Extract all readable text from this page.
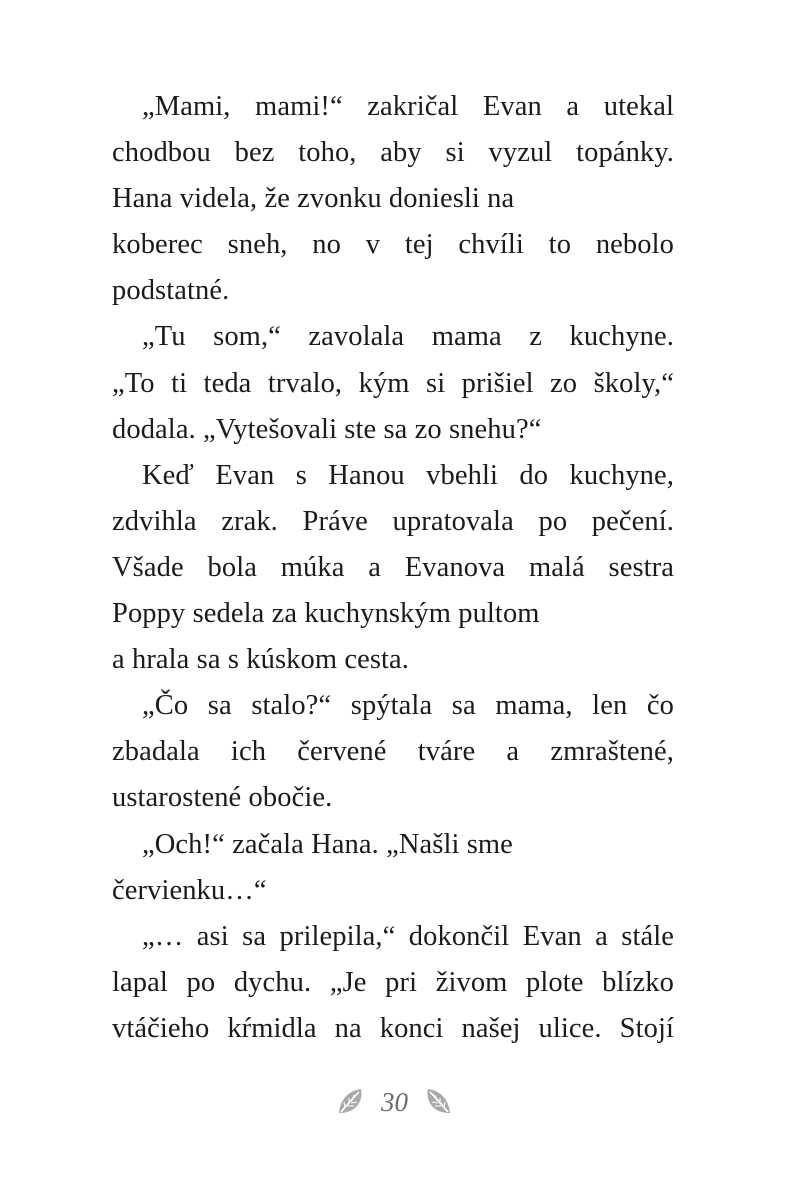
„Mami, mami!“ zakričal Evan a utekal
chodbou bez toho, aby si vyzul topánky.
Hana videla, že zvonku doniesli na
koberec sneh, no v tej chvíli to nebolo
podstatné.
„Tu som,“ zavolala mama z kuchyne.
„To ti teda trvalo, kým si prišiel zo školy,“
dodala. „Vytešovali ste sa zo snehu?“
Keď Evan s Hanou vbehli do kuchyne,
zdvihla zrak. Práve upratovala po pečení.
Všade bola múka a Evanova malá sestra
Poppy sedela za kuchynským pultom
a hrala sa s kúskom cesta.
„Čo sa stalo?“ spýtala sa mama, len čo
zbadala ich červené tváre a zmraštené,
ustarostené obočie.
„Och!“ začala Hana. „Našli sme
červienku…“
„… asi sa prilepila,“ dokončil Evan a stále
lapal po dychu. „Je pri živom plote blízko
vtáčieho kŕmidla na konci našej ulice. Stojí
30
